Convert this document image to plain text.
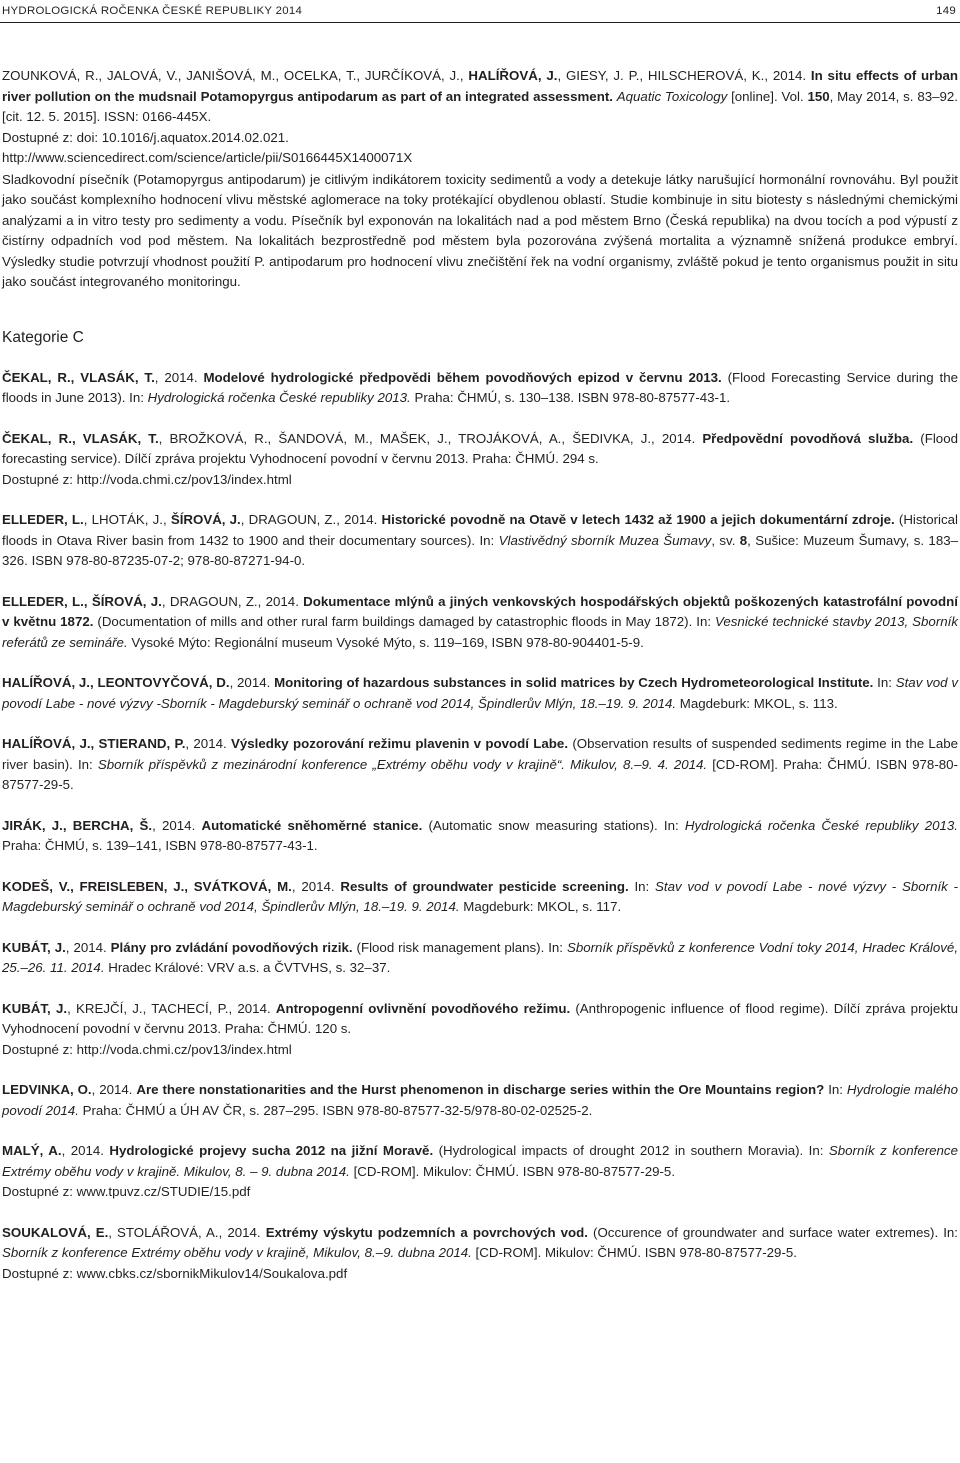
HYDROLOGICKÁ ROČENKA ČESKÉ REPUBLIKY 2014	149
ZOUNKOVÁ, R., JALOVÁ, V., JANIŠOVÁ, M., OCELKA, T., JURČÍKOVÁ, J., HALÍŘOVÁ, J., GIESY, J. P., HILSCHEROVÁ, K., 2014. In situ effects of urban river pollution on the mudsnail Potamopyrgus antipodarum as part of an integrated assessment. Aquatic Toxicology [online]. Vol. 150, May 2014, s. 83–92. [cit. 12. 5. 2015]. ISSN: 0166-445X.
Dostupné z: doi: 10.1016/j.aquatox.2014.02.021.
http://www.sciencedirect.com/science/article/pii/S0166445X1400071X
Sladkovodní písečník (Potamopyrgus antipodarum) je citlivým indikátorem toxicity sedimentů a vody a detekuje látky narušující hormonální rovnováhu. Byl použit jako součást komplexního hodnocení vlivu městské aglomerace na toky protékající obydlenou oblastí. Studie kombinuje in situ biotesty s následnými chemickými analýzami a in vitro testy pro sedimenty a vodu. Písečník byl exponován na lokalitách nad a pod městem Brno (Česká republika) na dvou tocích a pod výpustí z čistírny odpadních vod pod městem. Na lokalitách bezprostředně pod městem byla pozorována zvýšená mortalita a významně snížená produkce embryí. Výsledky studie potvrzují vhodnost použití P. antipodarum pro hodnocení vlivu znečištění řek na vodní organismy, zvláště pokud je tento organismus použit in situ jako součást integrovaného monitoringu.
Kategorie C
ČEKAL, R., VLASÁK, T., 2014. Modelové hydrologické předpovědi během povodňových epizod v červnu 2013. (Flood Forecasting Service during the floods in June 2013). In: Hydrologická ročenka České republiky 2013. Praha: ČHMÚ, s. 130–138. ISBN 978-80-87577-43-1.
ČEKAL, R., VLASÁK, T., BROŽKOVÁ, R., ŠANDOVÁ, M., MAŠEK, J., TROJÁKOVÁ, A., ŠEDIVKA, J., 2014. Předpovědní povodňová služba. (Flood forecasting service). Dílčí zpráva projektu Vyhodnocení povodní v červnu 2013. Praha: ČHMÚ. 294 s.
Dostupné z: http://voda.chmi.cz/pov13/index.html
ELLEDER, L., LHOTÁK, J., ŠÍROVÁ, J., DRAGOUN, Z., 2014. Historické povodně na Otavě v letech 1432 až 1900 a jejich dokumentární zdroje. (Historical floods in Otava River basin from 1432 to 1900 and their documentary sources). In: Vlastivědný sborník Muzea Šumavy, sv. 8, Sušice: Muzeum Šumavy, s. 183–326. ISBN 978-80-87235-07-2; 978-80-87271-94-0.
ELLEDER, L., ŠÍROVÁ, J., DRAGOUN, Z., 2014. Dokumentace mlýnů a jiných venkovských hospodářských objektů poškozených katastrofální povodní v květnu 1872. (Documentation of mills and other rural farm buildings damaged by catastrophic floods in May 1872). In: Vesnické technické stavby 2013, Sborník referátů ze semináře. Vysoké Mýto: Regionální museum Vysoké Mýto, s. 119–169, ISBN 978-80-904401-5-9.
HALÍŘOVÁ, J., LEONTOVYČOVÁ, D., 2014. Monitoring of hazardous substances in solid matrices by Czech Hydrometeorological Institute. In: Stav vod v povodí Labe - nové výzvy -Sborník - Magdeburský seminář o ochraně vod 2014, Špindlerův Mlýn, 18.–19. 9. 2014. Magdeburk: MKOL, s. 113.
HALÍŘOVÁ, J., STIERAND, P., 2014. Výsledky pozorování režimu plavenin v povodí Labe. (Observation results of suspended sediments regime in the Labe river basin). In: Sborník příspěvků z mezinárodní konference „Extrémy oběhu vody v krajině“. Mikulov, 8.–9. 4. 2014. [CD-ROM]. Praha: ČHMÚ. ISBN 978-80-87577-29-5.
JIRÁK, J., BERCHA, Š., 2014. Automatické sněhoměrné stanice. (Automatic snow measuring stations). In: Hydrologická ročenka České republiky 2013. Praha: ČHMÚ, s. 139–141, ISBN 978-80-87577-43-1.
KODEŠ, V., FREISLEBEN, J., SVÁTKOVÁ, M., 2014. Results of groundwater pesticide screening. In: Stav vod v povodí Labe - nové výzvy - Sborník - Magdeburský seminář o ochraně vod 2014, Špindlerův Mlýn, 18.–19. 9. 2014. Magdeburk: MKOL, s. 117.
KUBÁT, J., 2014. Plány pro zvládání povodňových rizik. (Flood risk management plans). In: Sborník příspěvků z konference Vodní toky 2014, Hradec Králové, 25.–26. 11. 2014. Hradec Králové: VRV a.s. a ČVTVHS, s. 32–37.
KUBÁT, J., KREJČÍ, J., TACHECÍ, P., 2014. Antropogenní ovlivnění povodňového režimu. (Anthropogenic influence of flood regime). Dílčí zpráva projektu Vyhodnocení povodní v červnu 2013. Praha: ČHMÚ. 120 s.
Dostupné z: http://voda.chmi.cz/pov13/index.html
LEDVINKA, O., 2014. Are there nonstationarities and the Hurst phenomenon in discharge series within the Ore Mountains region? In: Hydrologie malého povodí 2014. Praha: ČHMÚ a ÚH AV ČR, s. 287–295. ISBN 978-80-87577-32-5/978-80-02-02525-2.
MALÝ, A., 2014. Hydrologické projevy sucha 2012 na jižní Moravě. (Hydrological impacts of drought 2012 in southern Moravia). In: Sborník z konference Extrémy oběhu vody v krajině. Mikulov, 8. – 9. dubna 2014. [CD-ROM]. Mikulov: ČHMÚ. ISBN 978-80-87577-29-5.
Dostupné z: www.tpuvz.cz/STUDIE/15.pdf
SOUKALOVÁ, E., STOLÁŘOVÁ, A., 2014. Extrémy výskytu podzemních a povrchových vod. (Occurence of groundwater and surface water extremes). In: Sborník z konference Extrémy oběhu vody v krajině, Mikulov, 8.–9. dubna 2014. [CD-ROM]. Mikulov: ČHMÚ. ISBN 978-80-87577-29-5.
Dostupné z: www.cbks.cz/sbornikMikulov14/Soukalova.pdf
